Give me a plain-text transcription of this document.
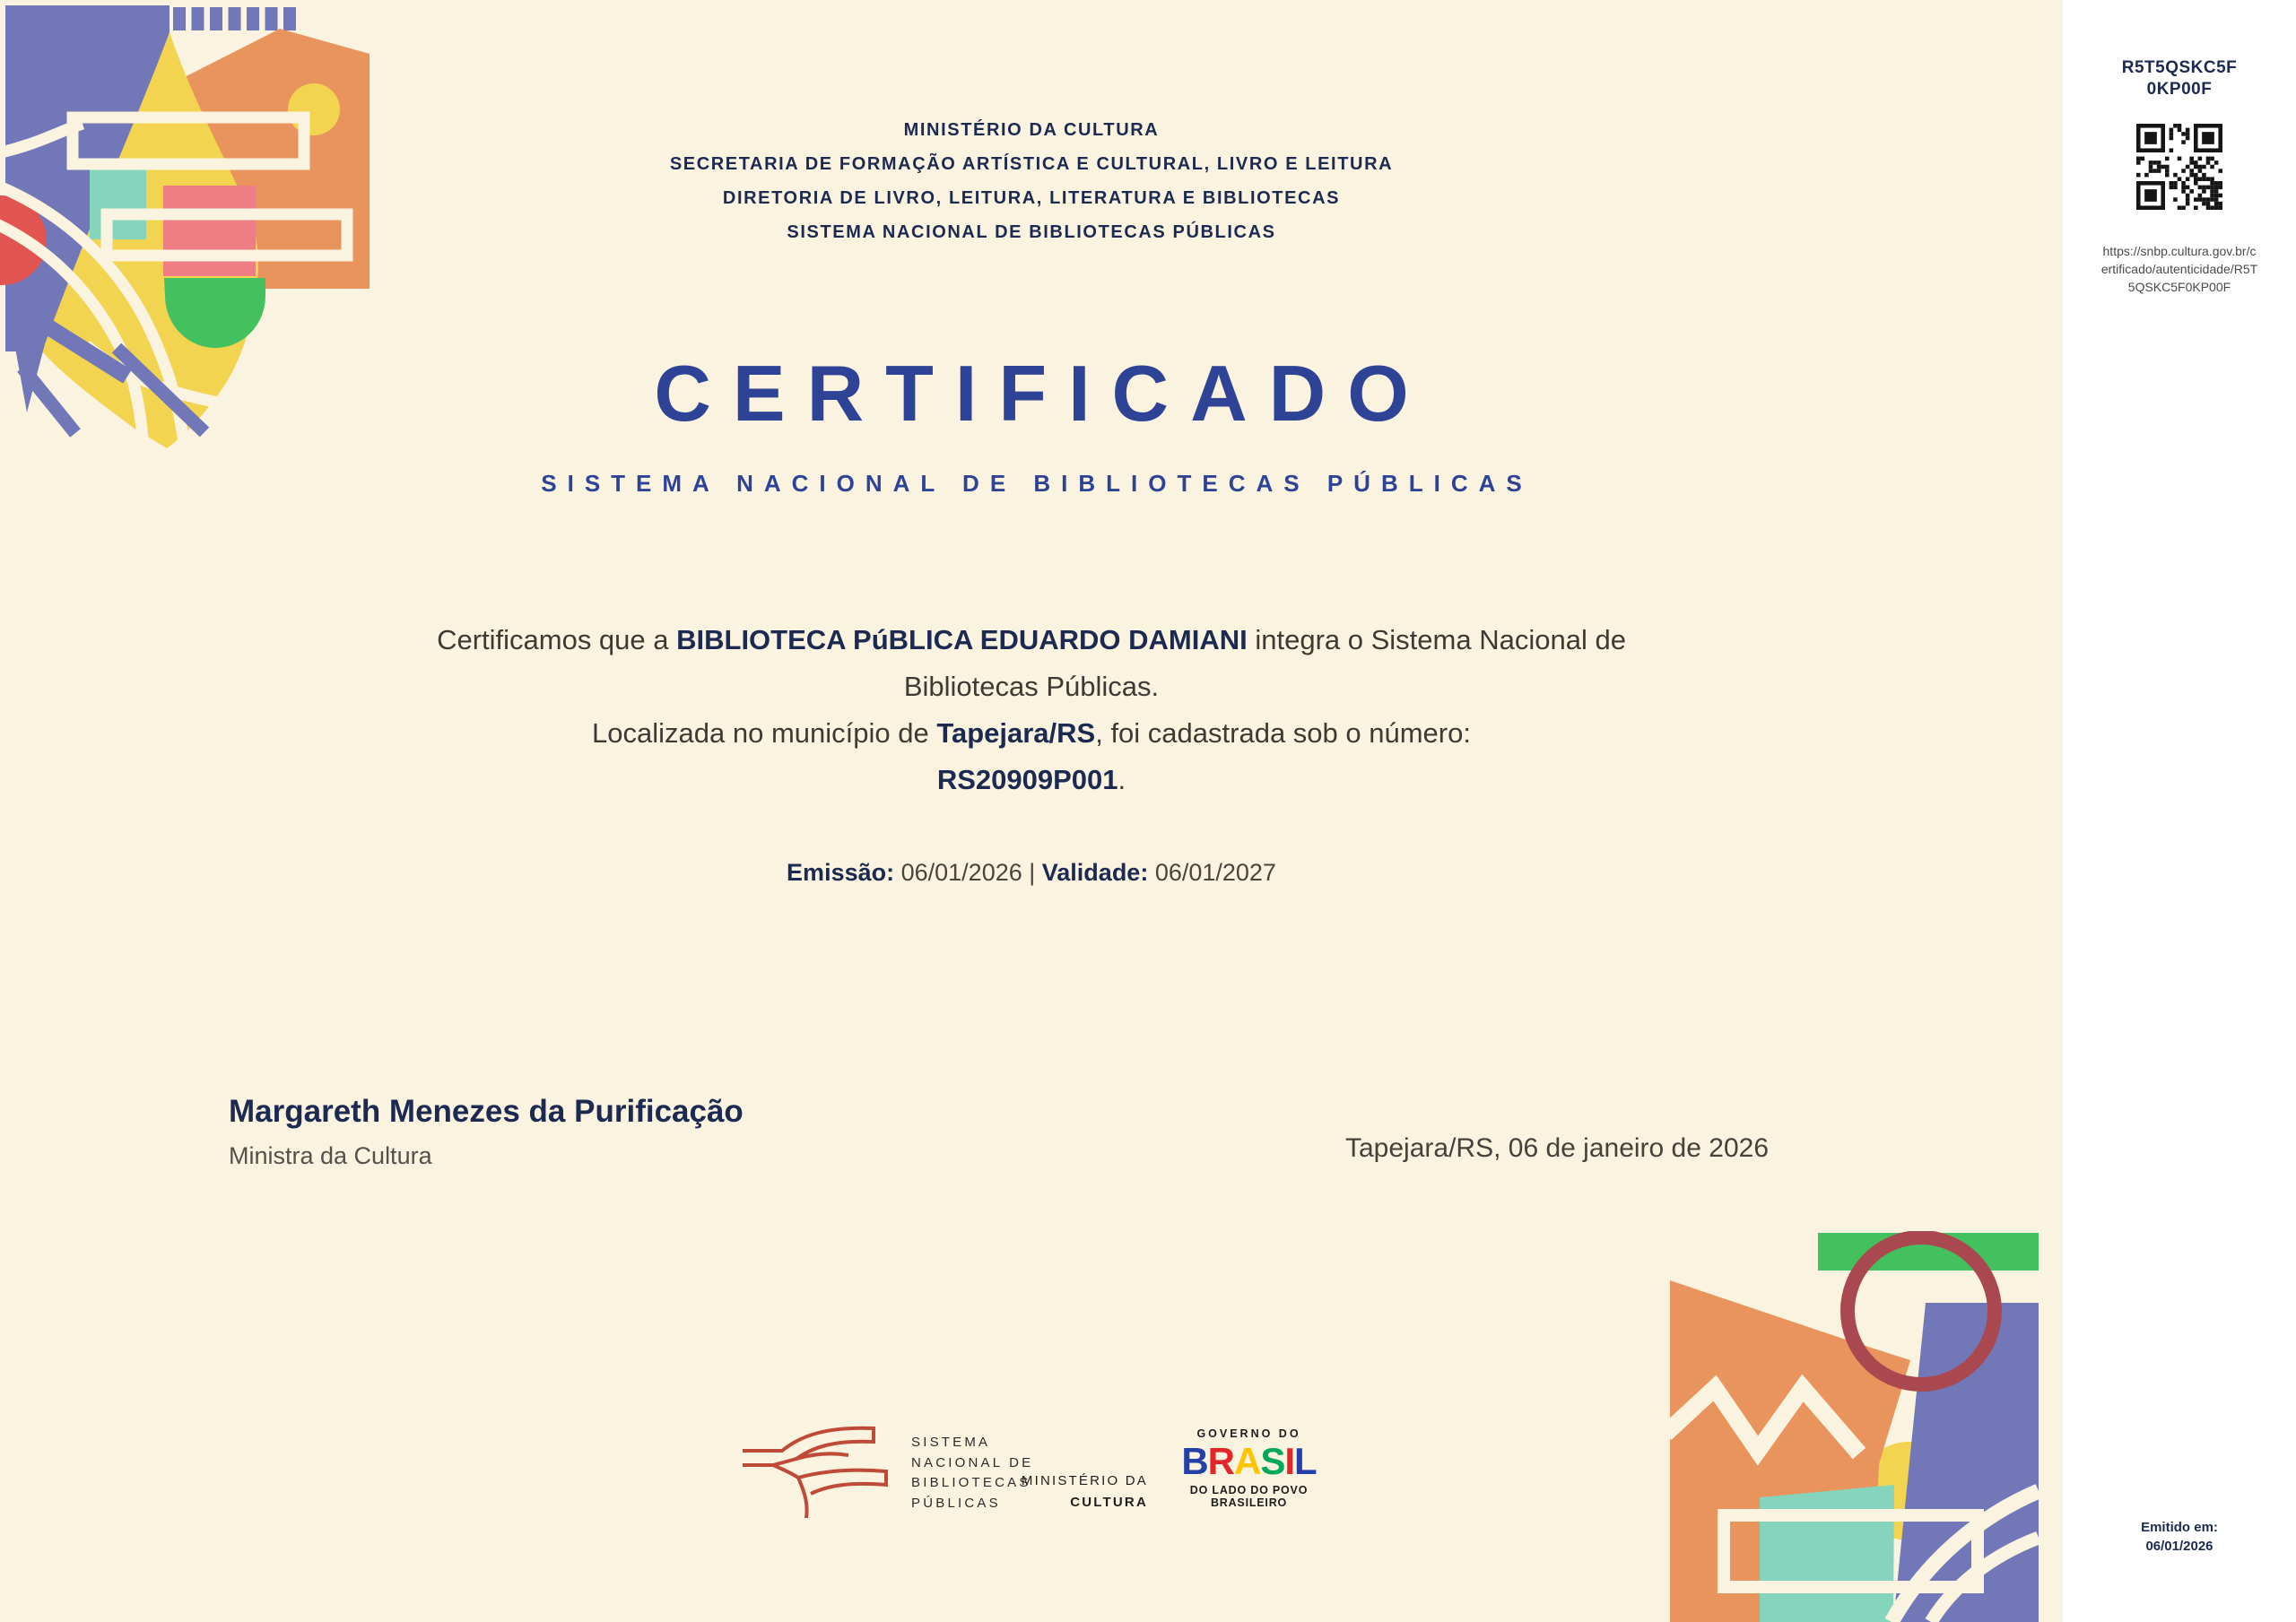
MINISTÉRIO DA CULTURA
SECRETARIA DE FORMAÇÃO ARTÍSTICA E CULTURAL, LIVRO E LEITURA
DIRETORIA DE LIVRO, LEITURA, LITERATURA E BIBLIOTECAS
SISTEMA NACIONAL DE BIBLIOTECAS PÚBLICAS
CERTIFICADO
SISTEMA NACIONAL DE BIBLIOTECAS PÚBLICAS
Certificamos que a BIBLIOTECA PúBLICA EDUARDO DAMIANI integra o Sistema Nacional de
Bibliotecas Públicas.
Localizada no município de Tapejara/RS, foi cadastrada sob o número:
RS20909P001.
Emissão: 06/01/2026 | Validade: 06/01/2027
Margareth Menezes da Purificação
Ministra da Cultura	Tapejara/RS, 06 de janeiro de 2026
SISTEMA
NACIONAL DE
BIBLIOTECAS
PÚBLICAS
MINISTÉRIO DA
CULTURA
GOVERNO DO
BRASIL
DO LADO DO POVO BRASILEIRO
R5T5QSKC5F0KP00F
https://snbp.cultura.gov.br/certificado/autenticidade/R5T5QSKC5F0KP00F
Emitido em:
06/01/2026
